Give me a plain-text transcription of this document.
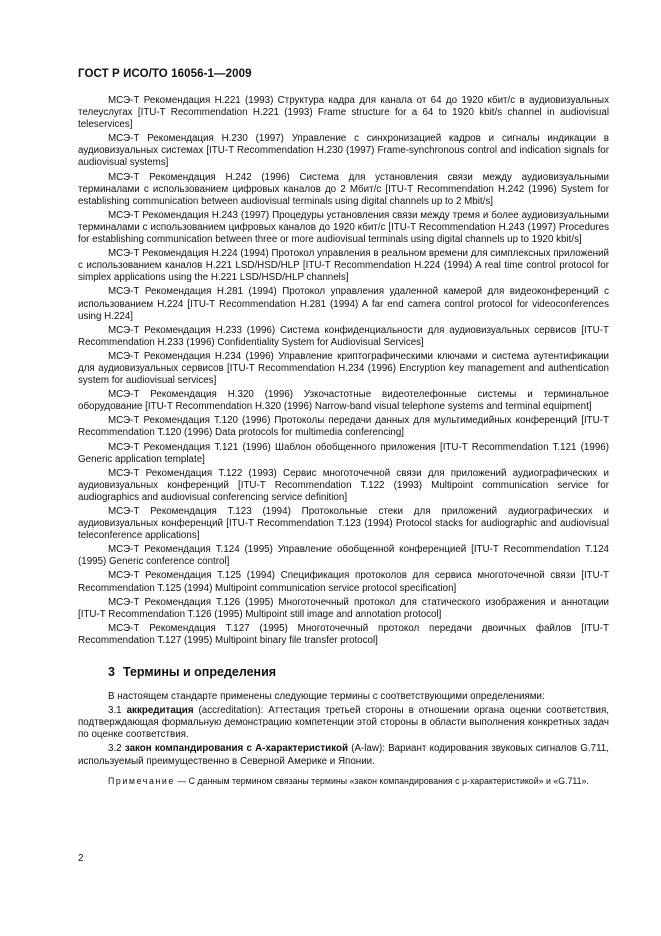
ГОСТ Р ИСО/ТО 16056-1—2009

МСЭ-Т Рекомендация Н.221 (1993) Структура кадра для канала от 64 до 1920 кбит/с в аудиовизуальных телеуслугах [ITU-T Recommendation H.221 (1993) Frame structure for a 64 to 1920 kbit/s channel in audiovisual teleservices]

МСЭ-Т Рекомендация Н.230 (1997) Управление с синхронизацией кадров и сигналы индикации в аудиовизуальных системах [ITU-T Recommendation H.230 (1997) Frame-synchronous control and indication signals for audiovisual systems]

МСЭ-Т Рекомендация Н.242 (1996) Система для установления связи между аудиовизуальными терминалами с использованием цифровых каналов до 2 Мбит/с [ITU-T Recommendation H.242 (1996) System for establishing communication between audiovisual terminals using digital channels up to 2 Mbit/s]

МСЭ-Т Рекомендация Н.243 (1997) Процедуры установления связи между тремя и более аудиовизуальными терминалами с использованием цифровых каналов до 1920 кбит/с [ITU-T Recommendation H.243 (1997) Procedures for establishing communication between three or more audiovisual terminals using digital channels up to 1920 kbit/s]

МСЭ-Т Рекомендация Н.224 (1994) Протокол управления в реальном времени для симплексных приложений с использованием каналов Н.221 LSD/HSD/HLP [ITU-T Recommendation H.224 (1994) A real time control protocol for simplex applications using the H.221 LSD/HSD/HLP channels]

МСЭ-Т Рекомендация Н.281 (1994) Протокол управления удаленной камерой для видеоконференций с использованием Н.224 [ITU-T Recommendation H.281 (1994) A far end camera control protocol for videoconferences using H.224]

МСЭ-Т Рекомендация Н.233 (1996) Система конфиденциальности для аудиовизуальных сервисов [ITU-T Recommendation H.233 (1996) Confidentiality System for Audiovisual Services]

МСЭ-Т Рекомендация Н.234 (1996) Управление криптографическими ключами и система аутентификации для аудиовизуальных сервисов [ITU-T Recommendation H.234 (1996) Encryption key management and authentication system for audiovisual services]

МСЭ-Т Рекомендация Н.320 (1996) Узкочастотные видеотелефонные системы и терминальное оборудование [ITU-T Recommendation H.320 (1996) Narrow-band visual telephone systems and terminal equipment]

МСЭ-Т Рекомендация Т.120 (1996) Протоколы передачи данных для мультимедийных конференций [ITU-T Recommendation T.120 (1996) Data protocols for multimedia conferencing]

МСЭ-Т Рекомендация Т.121 (1996) Шаблон обобщенного приложения [ITU-T Recommendation T.121 (1996) Generic application template]

МСЭ-Т Рекомендация Т.122 (1993) Сервис многоточечной связи для приложений аудиографических и аудиовизуальных конференций [ITU-T Recommendation T.122 (1993) Multipoint communication service for audiographics and audiovisual conferencing service definition]

МСЭ-Т Рекомендация Т.123 (1994) Протокольные стеки для приложений аудиографических и аудиовизуальных конференций [ITU-T Recommendation T.123 (1994) Protocol stacks for audiographic and audiovisual teleconference applications]

МСЭ-Т Рекомендация Т.124 (1995) Управление обобщенной конференцией [ITU-T Recommendation T.124 (1995) Generic conference control]

МСЭ-Т Рекомендация Т.125 (1994) Спецификация протоколов для сервиса многоточечной связи [ITU-T Recommendation T.125 (1994) Multipoint communication service protocol specification]

МСЭ-Т Рекомендация Т.126 (1995) Многоточечный протокол для статического изображения и аннотации [ITU-T Recommendation T.126 (1995) Multipoint still image and annotation protocol]

МСЭ-Т Рекомендация Т.127 (1995) Многоточечный протокол передачи двоичных файлов [ITU-T Recommendation T.127 (1995) Multipoint binary file transfer protocol]

3 Термины и определения

В настоящем стандарте применены следующие термины с соответствующими определениями:

3.1 аккредитация (accreditation): Аттестация третьей стороны в отношении органа оценки соответствия, подтверждающая формальную демонстрацию компетенции этой стороны в области выполнения конкретных задач по оценке соответствия.

3.2 закон компандирования с А-характеристикой (A-law): Вариант кодирования звуковых сигналов G.711, используемый преимущественно в Северной Америке и Японии.

Примечание — С данным термином связаны термины «закон компандирования с μ-характеристикой» и «G.711».

2
